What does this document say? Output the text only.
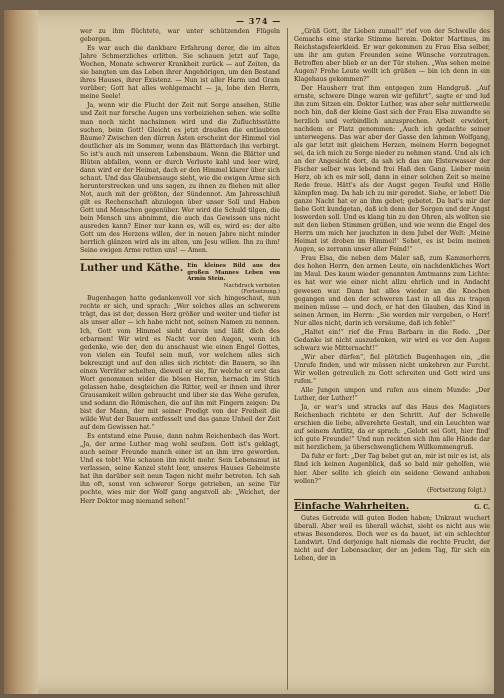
— 374 —

wer zu ihm flüchtete, war unter schützenden Flügeln geborgen.

Es war auch die dankbare Erfahrung derer, die im alten Jahre Schmerzliches erlitten. Sie schauen jetzt auf Tage, Wochen, Monate schwerer Krankheit zurück — auf Zeiten, da sie bangten um das Leben ihrer Angehörigen, um den Bestand ihres Hauses, ihrer Existenz. — Nun ist aller Harm und Gram vorüber; Gott hat alles wohlgemacht — ja, lobe den Herrn, meine Seele!

Ja, wenn wir die Flucht der Zeit mit Sorge ansehen, Stille und Zeit nur forsche Augen uns vorbeiziehen sehen. wie sollte man noch nicht nachsinnen wird und die Zufluchtsstätte suchen, beim Gott! Gleicht es jetzt draußen die entlaubten Bäume? Zwischen den dürren Ästen erscheint der Himmel viel deutlicher als im Sommer, wenn das Blätterdach ihn verbirgt. So ist's auch mit unserem Lebensbaum. Wenn die Blätter und Blüten abfallen, wenn er durch Verluste kahl und leer wird, dann wird er der Heimat, dach er den Himmel klarer über sich schaut. Und das Glaubensauge sieht, wie die ewigen Arme sich herunterstrecken und uns sagen, zu ihnen zu fliehen mit aller Not, auch mit der größten, der Sündennot. Am Jahresschluß gilt es Rechenschaft abzulegen über unser Soll und Haben Gott und Menschen gegenüber. Wer wird die Schuld tilgen, die bein Mensch uns abnimmt, die auch das Gewissen uns nicht ausreden kann? Einer nur kann es, will es, wird es: der alte Gott um des Herzens willen, der in neuen Jahre nicht minder herrlich glänzen wird als im alten, um Jesu willen. Ihn zu ihm! Seine ewigen Arme retten uns! — Amen.

Luther und Käthe. Ein kleines Bild aus des großen Mannes Leben von Armin Stein.
Nachdruck verboten (Fortsetzung.)

Bugenhagen hatte gedankenvoll vor sich hingeschaut, nun rechte er sich, und sprach: „Wer solches alles an schwerem trägt, das ist der, dessen Herz größer und weiter und tiefer ist als unser aller — ich habe nicht not, seinen Namen zu nennen. Ich, Gott vom Himmel sieht darein und läßt dich des erbarmen! Wir wird es Nacht vor den Augen, wenn ich gedenke, wie der, den du anschaust wie einen Engel Gottes, von vielen ein Teufel sein muß, vor welchem alles sich bekreuzigt und auf den alles sich richtet: die Bauern, so ihn einen Verräter schelten, dieweil er sie, für welche er erst das Wort genommen wider die bösen Herren, hernach im Stich gelassen habe, desgleichen die Ritter, weil er ihnen und ihrer Grausamkeit willen gebraucht und über sie das Wehe gerufen, und sodann die Römischen, die auf ihn mit Fingern zeigen: Du bist der Mann, der mit seiner Predigt von der Freiheit die wilde Wut der Bauern entfesselt und das ganze Unheil der Zeit auf dem Gewissen hat.“

Es entstand eine Pause, dann nahm Reichenbach das Wort. „Ja, der arme Luther mag wohl seufzen. Gott ist's geklagt, auch seiner Freunde manch einer ist an ihm irre geworden. Und es tobt! Wie schauen ihn nicht mehr. Sein Lebensmut ist verlassen, seine Kanzel steht leer, unseres Hauses Geheimste hat ihn darüber seit neun Tagen nicht mehr betreten. Ich sah ihn oft, sonst von schwerer Sorge getrieben, an seine Tür pochte, wies mir der Wolf gang angstvoll ab: „Weichet, der Herr Doktor mag niemand sehen!“

„Grüß Gott, ihr Lieben zumal!“ rief von der Schwelle des Gemachs eine starke Stimme herein. Doktor Martinus, im Reichstagsfeierkleid. Er war gekommen zu Frau Elsa selber, um ihr am guten Freunden seine Wünsche vorzutragen. Betroffen aber blieb er an der Tür stehen. „Was sehen meine Augen? Frohe Leute wollt ich grüßen — bin ich denn in ein Klagehaus gekommen?“

Der Hausherr trat ihm entgegen zum Handgruß. „Auf ernste, schwere Dinge waren wir geführt“, sagte er und lud ihn zum Sitzen ein. Doktor Luther, was aber sehr mittlerweile noch hin, daß der kleine Gast sich der Frau Elsa zuwandte so herzlich und verbindlich anzusprechen. Arbeit erwidert, nachdem er Platz genommen: „Auch ich gedachte seiner unterwegens. Das war aber der Gasse den lahmen Wolfgang, als gar letzt mit gleichem Herzen, meinem Herrn begegnet sei, da ich mich zu Sorge nieder zu nehmen stand. Und als ich an der Angesicht dort, da sah ich das am Elsterwasser der Fischer selber was lebend frei Haß den Gang. Lieber mein Herz, ob ich es mir soll, dann in einer solchen Zeit so meine Rede freue. Hätt's als der Augst gegen Teufel und Hölle kämpfen mag. Da hab ich zu mir geredet. Siehe, er lebet! Die ganze Nacht hat er an ihm gebet; gebetet. Da hat's mir der liebe Gott kundgetan, daß ich denn der Sorgen und der Angst loswerden soll. Und es klang hin zu den Ohren, als wollten sie mit den lieben Stimmen grüßen, und wie wenn die Engel des Herrn um mich her jauchzten in dem Jubel der Welt: ‚Meine Heimat ist droben im Himmel!‘ Sehet, es ist beim meinen Augen, so zerrann unser aller Feind!“

Frau Elsa, die neben dem Maler saß, zum Kammerherrn des hohen Herrn, den armen Leute, ein nachdenkliches Wort im Maul. Des kaum wieder genannten Amtmanns zum Lichte: es hat wer wie einer nicht allzu ehrlich und in Andacht gewesen war. Dann hat alles wieder an die Knochen gegangen und den der schweren Last in all das zu tragen meinen müsse — und doch, er hat den Glauben, das Kind in seinen Armen, im Herrn: „Sie werden mir vergeben, o Herr! Nur alles nicht, darin ich versäume, daß ich fehle!“

„Haltet ein!“ rief die Frau Barbara in die Rede. „Der Gedanke ist nicht auszudenken, wir wird es vor den Augen schwarz wie Mitternacht!“

„Wir aber dürfen“, fiel plötzlich Bugenhagen ein, „die Unrufe finden, und wir müssen nicht umkehren zur Furcht. Wir wollen getreulich zu Gott schreiten und Gott wird uns rufen.“

Alle Jungen umpon und rufen aus einem Munde: „Der Luther, der Luther!“

Ja, er war's und stracks auf das Haus des Magisters Reichenbach richtete er den Schritt. Auf der Schwelle erschien die liebe, allverehrte Gestalt, und ein Leuchten war auf seinem Antlitz, da er sprach: „Gelobt sei Gott, hier find' ich gute Freunde!“ Und nun reckten sich ihm alle Hände dar mit herzlichem, ja überschwenglichem Willkommengruß.

Da fuhr er fort: „Der Tag bebet gut an, mir ist mir es ist, als fänd ich keinen Augenblick, daß so bald mir geholfen, wie hier. Aber sollte ich gleich ein seidene Gewand anhaben wollen?“

(Fortsetzung folgt.)
Einfache Wahrheiten.	G. C.

Gutes Getreide will guten Boden haben; Unkraut wuchert überall. Aber weil es überall wächst, sieht es nicht aus wie etwas Besonderes. Doch wer es da bauet, ist ein schlechter Landwirt. Und derjenige halt niemals die rechte Frucht, der nicht auf der Lebensacker, der an jedem Tag, für sich ein Leben, der in
